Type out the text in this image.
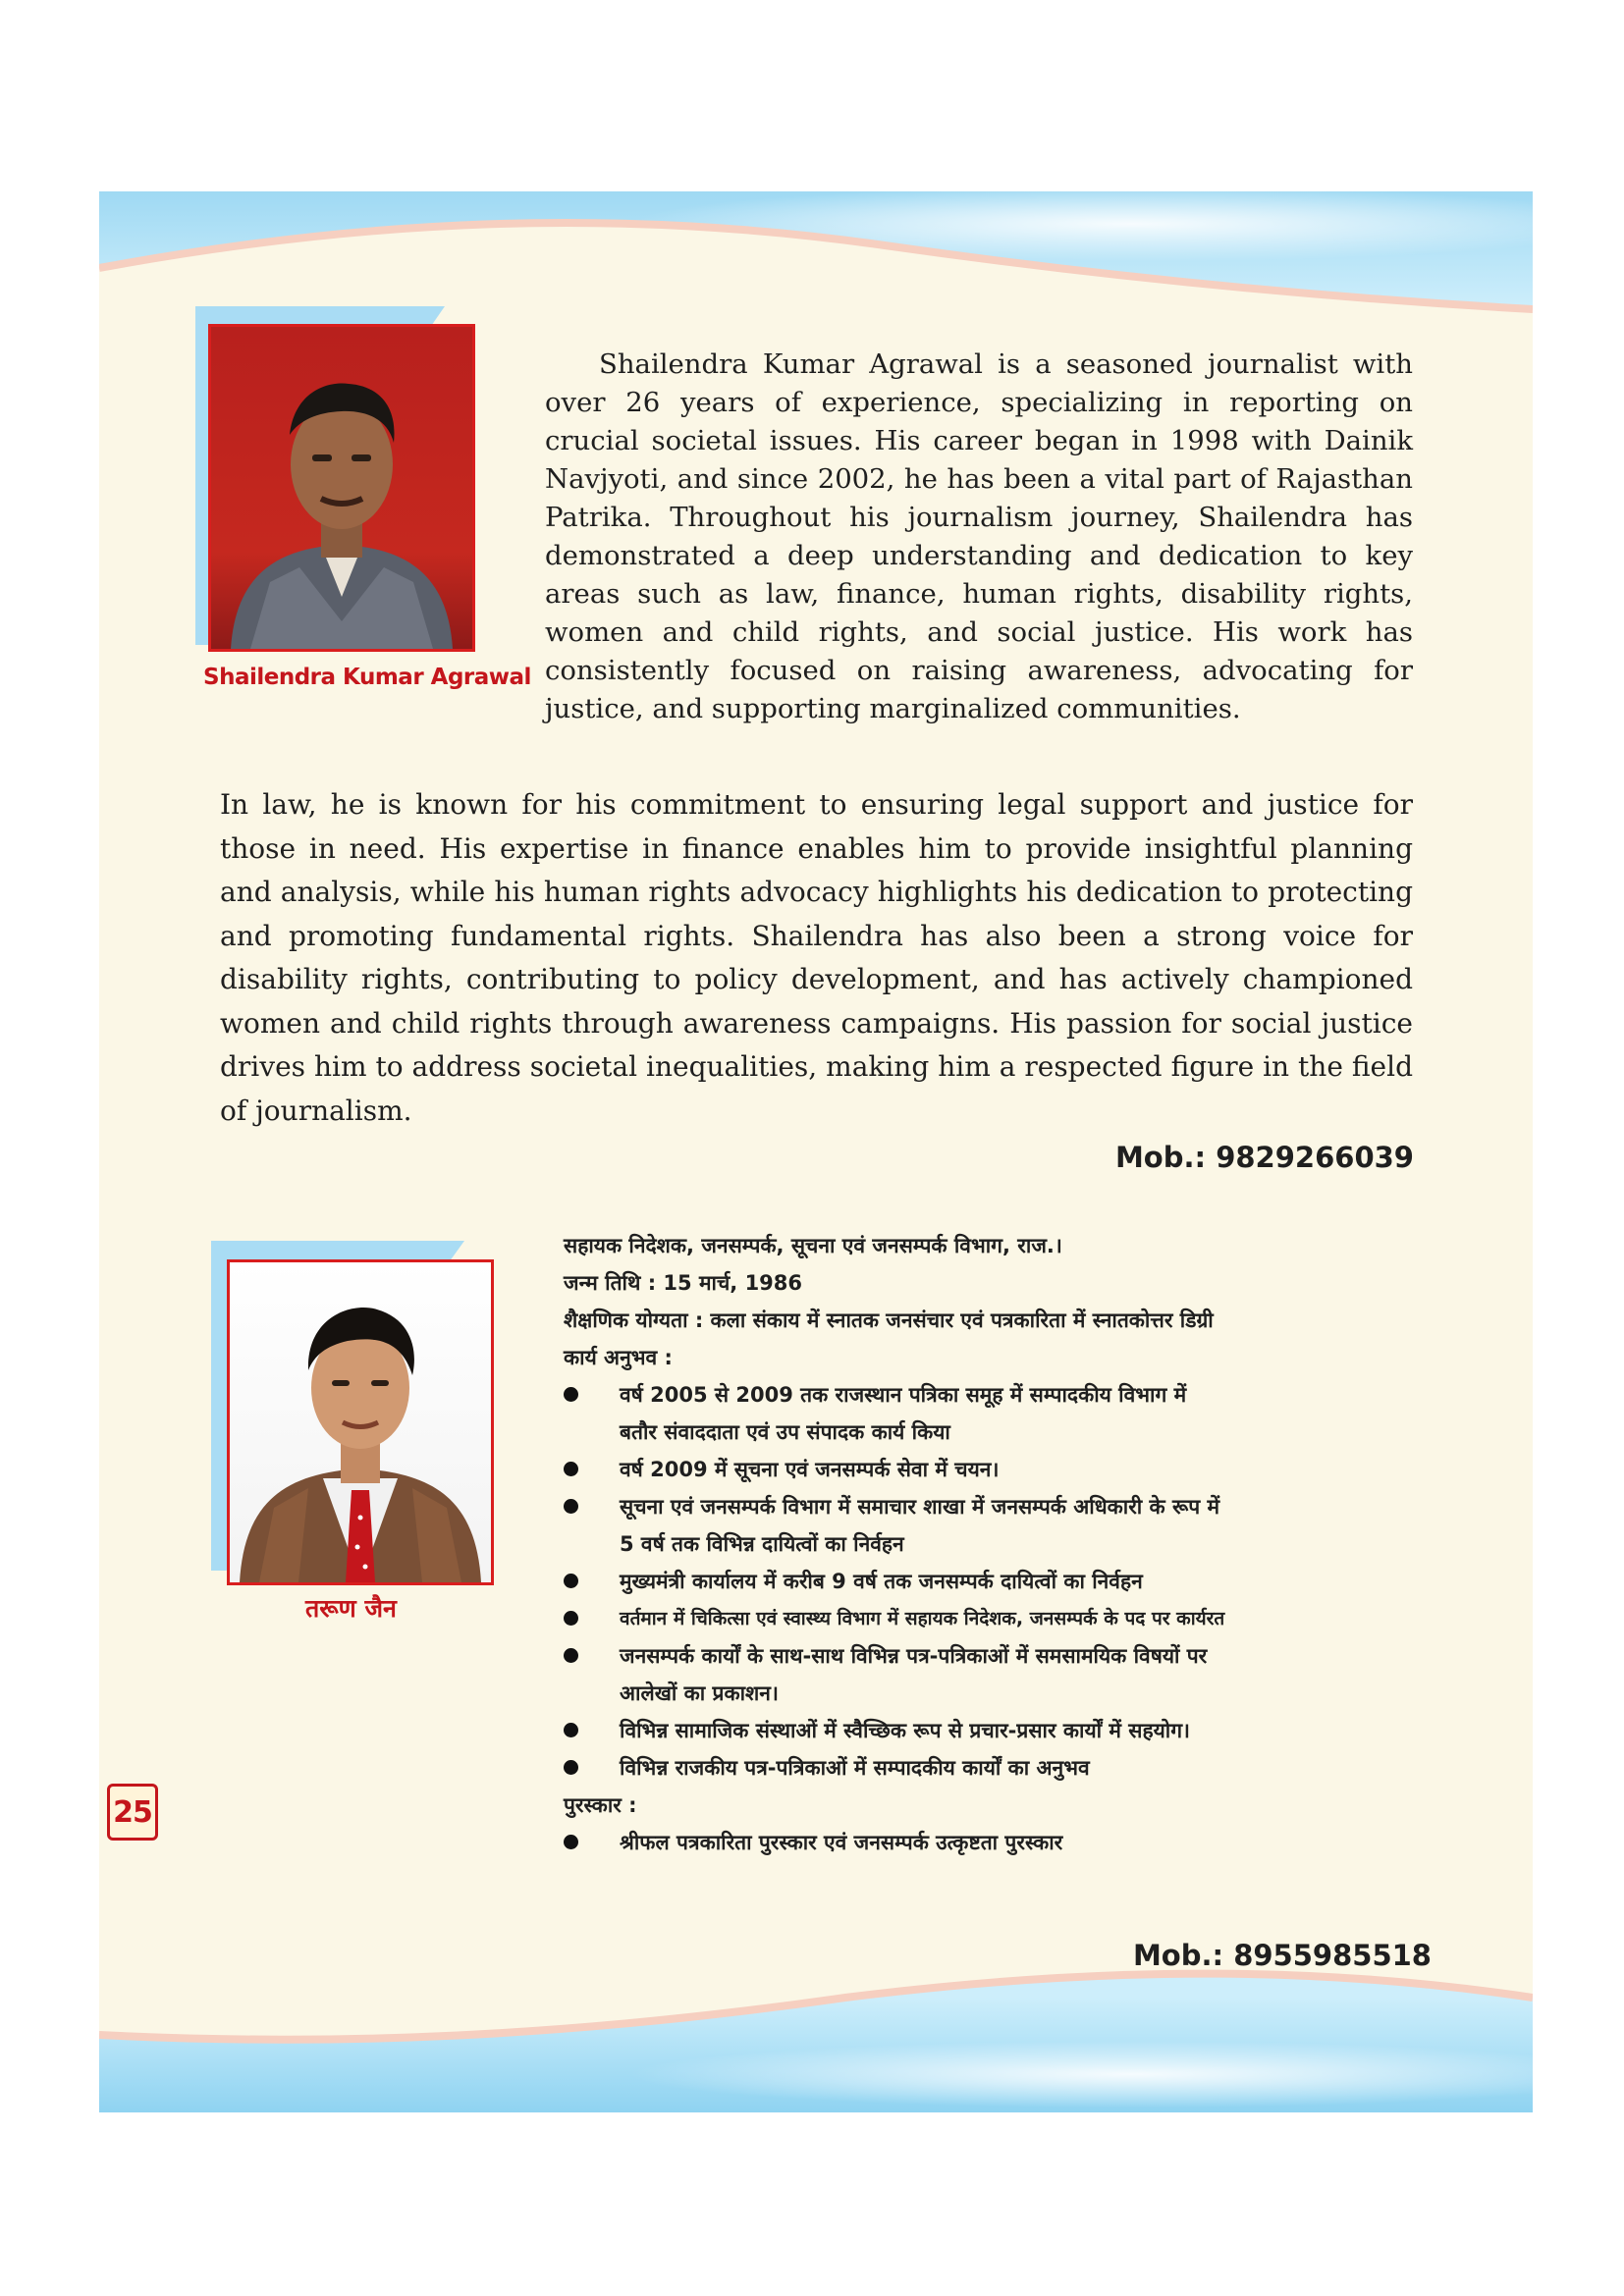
Shailendra Kumar Agrawal

Shailendra Kumar Agrawal is a seasoned journalist with over 26 years of experience, specializing in reporting on crucial societal issues. His career began in 1998 with Dainik Navjyoti, and since 2002, he has been a vital part of Rajasthan Patrika. Throughout his journalism journey, Shailendra has demonstrated a deep understanding and dedication to key areas such as law, finance, human rights, disability rights, women and child rights, and social justice. His work has consistently focused on raising awareness, advocating for justice, and supporting marginalized communities.

In law, he is known for his commitment to ensuring legal support and justice for those in need. His expertise in finance enables him to provide insightful planning and analysis, while his human rights advocacy highlights his dedication to protecting and promoting fundamental rights. Shailendra has also been a strong voice for disability rights, contributing to policy development, and has actively championed women and child rights through awareness campaigns. His passion for social justice drives him to address societal inequalities, making him a respected figure in the field of journalism.

Mob.: 9829266039
तरूण जैन
सहायक निदेशक, जनसम्पर्क, सूचना एवं जनसम्पर्क विभाग, राज.।
जन्म तिथि : 15 मार्च, 1986
शैक्षणिक योग्यता : कला संकाय में स्नातक जनसंचार एवं पत्रकारिता में स्नातकोत्तर डिग्री
कार्य अनुभव :
वर्ष 2005 से 2009 तक राजस्थान पत्रिका समूह में सम्पादकीय विभाग में
बतौर संवाददाता एवं उप संपादक कार्य किया
वर्ष 2009 में सूचना एवं जनसम्पर्क सेवा में चयन।
सूचना एवं जनसम्पर्क विभाग में समाचार शाखा में जनसम्पर्क अधिकारी के रूप में
5 वर्ष तक विभिन्न दायित्वों का निर्वहन
मुख्यमंत्री कार्यालय में करीब 9 वर्ष तक जनसम्पर्क दायित्वों का निर्वहन
वर्तमान में चिकित्सा एवं स्वास्थ्य विभाग में सहायक निदेशक, जनसम्पर्क के पद पर कार्यरत
जनसम्पर्क कार्यों के साथ-साथ विभिन्न पत्र-पत्रिकाओं में समसामयिक विषयों पर
आलेखों का प्रकाशन।
विभिन्न सामाजिक संस्थाओं में स्वैच्छिक रूप से प्रचार-प्रसार कार्यों में सहयोग।
विभिन्न राजकीय पत्र-पत्रिकाओं में सम्पादकीय कार्यों का अनुभव
पुरस्कार :
श्रीफल पत्रकारिता पुरस्कार एवं जनसम्पर्क उत्कृष्टता पुरस्कार
Mob.: 8955985518
25
